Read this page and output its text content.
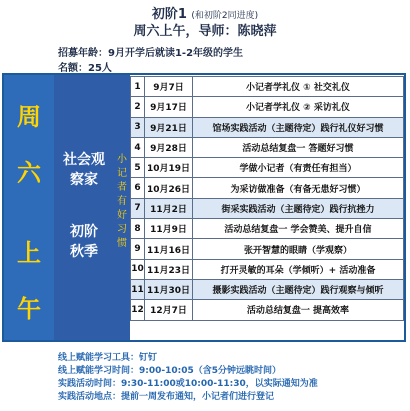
初阶1 (和初阶2同进度)
周六上午，导师：陈晓萍
招募年龄：9月开学后就读1-2年级的学生
名额：25人
周
六
上
午
社会观
察家
初阶
秋季
小记者有好习惯
1	9月7日	小记者学礼仪 ① 社交礼仪
2	9月17日	小记者学礼仪 ② 采访礼仪
3	9月21日	馆场实践活动（主题待定）践行礼仪好习惯
4	9月28日	活动总结复盘一 答题好习惯
5	10月19日	学做小记者（有责任有担当）
6	10月26日	为采访做准备（有备无患好习惯）
7	11月2日	街采实践活动（主题待定）践行抗挫力
8	11月9日	活动总结复盘一 学会赞美、提升自信
9	11月16日	张开智慧的眼睛（学观察）
10	11月23日	打开灵敏的耳朵（学倾听）+ 活动准备
11	11月30日	摄影实践活动（主题待定）践行观察与倾听
12	12月7日	活动总结复盘一 提高效率
线上赋能学习工具：钉钉
线上赋能学习时间：9:00-10:05（含5分钟远眺时间）
实践活动时间：9:30-11:00或10:00-11:30，以实际通知为准
实践活动地点：提前一周发布通知，小记者们进行登记
